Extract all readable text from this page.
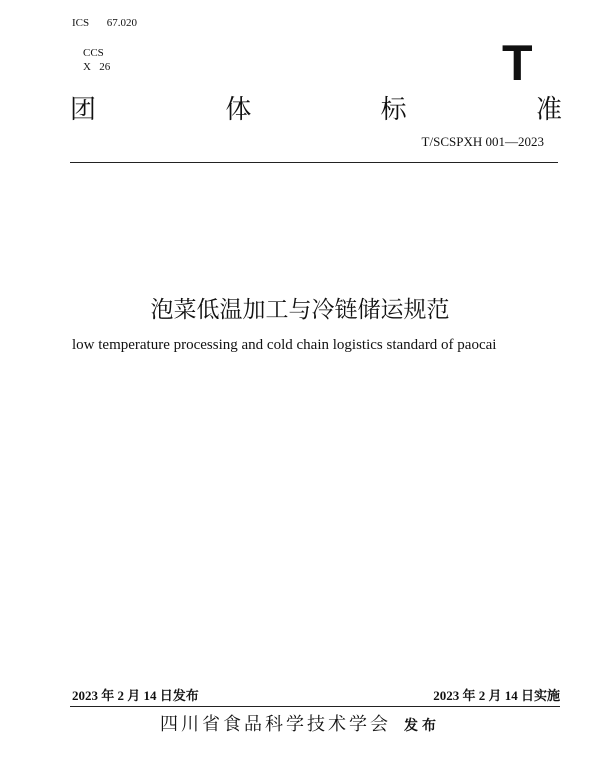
ICS 67.020

CCS
X   26
	T
团	体	标	准
T/SCSPXH 001—2023
泡菜低温加工与冷链储运规范
low temperature processing and cold chain logistics standard of paocai
2023 年 2 月 14 日发布	2023 年 2 月 14 日实施
四川省食品科学技术学会 发布
